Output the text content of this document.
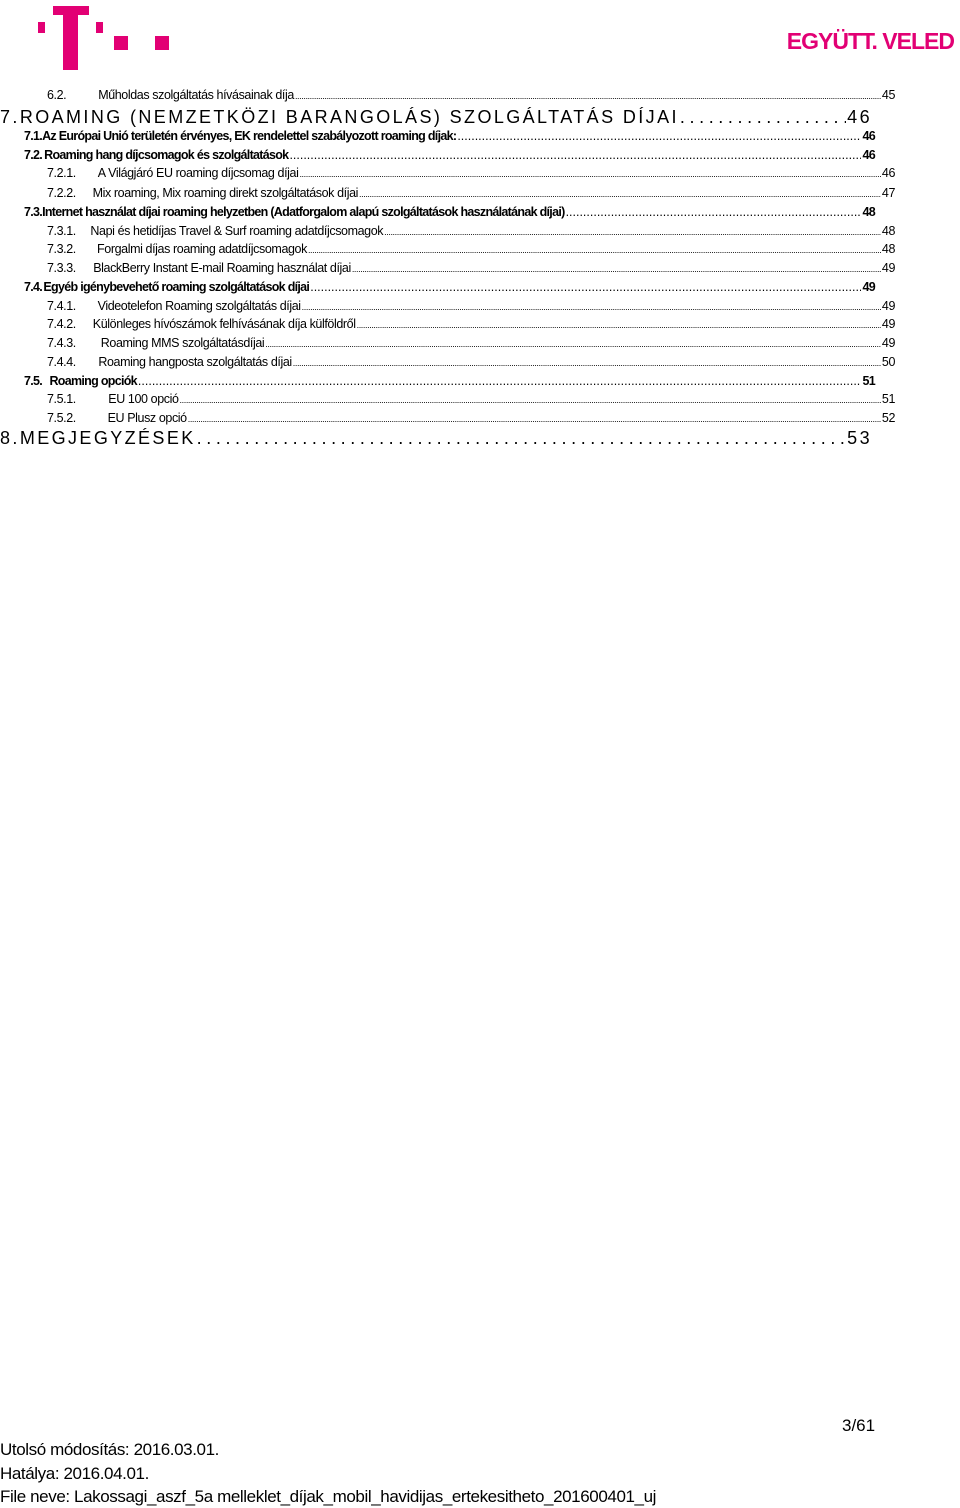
EGYÜTT. VELED
6.2.	Műholdas szolgáltatás hívásainak díja .....	45
7. ROAMING (NEMZETKÖZI BARANGOLÁS) SZOLGÁLTATÁS DÍJAI .....	46
7.1. Az Európai Unió területén érvényes, EK rendelettel szabályozott roaming díjak: .....	46
7.2. Roaming hang díjcsomagok és szolgáltatások .....	46
7.2.1.	A Világjáró EU roaming díjcsomag díjai .....	46
7.2.2.	Mix roaming, Mix roaming direkt szolgáltatások díjai .....	47
7.3. Internet használat díjai roaming helyzetben (Adatforgalom alapú szolgáltatások használatának díjai) .....	48
7.3.1.	Napi és hetidíjas Travel & Surf roaming adatdíjcsomagok .....	48
7.3.2.	Forgalmi díjas roaming adatdíjcsomagok .....	48
7.3.3.	BlackBerry Instant E-mail Roaming használat díjai .....	49
7.4. Egyéb igénybevehető roaming szolgáltatások díjai .....	49
7.4.1.	Videotelefon Roaming szolgáltatás díjai .....	49
7.4.2.	Különleges hívószámok felhívásának díja külföldről .....	49
7.4.3.	Roaming MMS szolgáltatásdíjai .....	49
7.4.4.	Roaming hangposta szolgáltatás díjai .....	50
7.5. Roaming opciók .....	51
7.5.1.	EU 100 opció .....	51
7.5.2.	EU Plusz opció .....	52
8. MEGJEGYZÉSEK .....	53
3/61
Utolsó módosítás: 2016.03.01.
Hatálya: 2016.04.01.
File neve: Lakossagi_aszf_5a melleklet_díjak_mobil_havidijas_ertekesitheto_201600401_uj
